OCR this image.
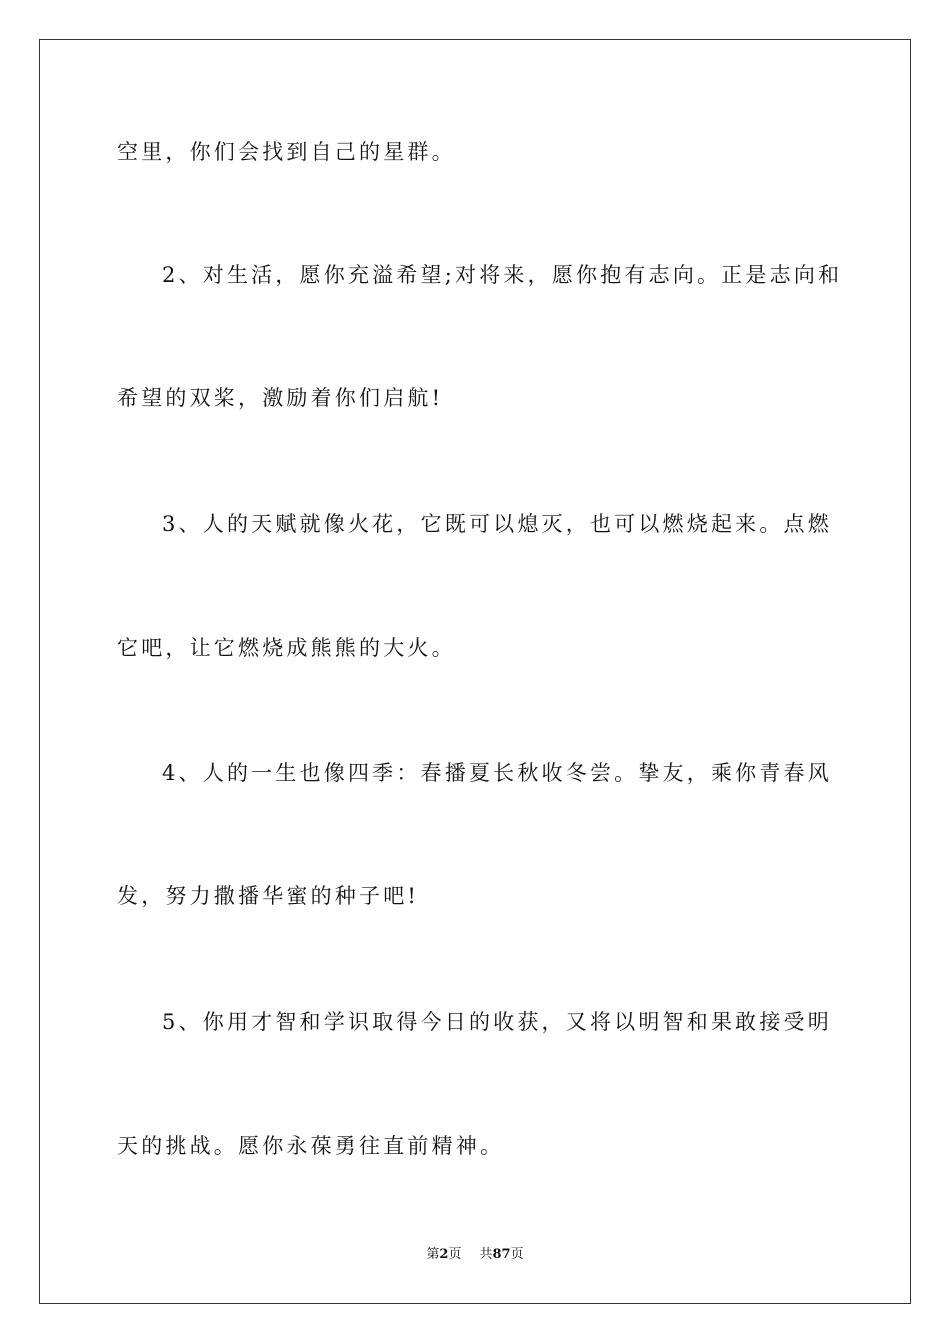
空里，你们会找到自己的星群。
2、对生活，愿你充溢希望;对将来，愿你抱有志向。正是志向和
希望的双桨，激励着你们启航!
3、人的天赋就像火花，它既可以熄灭，也可以燃烧起来。点燃
它吧，让它燃烧成熊熊的大火。
4、人的一生也像四季：春播夏长秋收冬尝。挚友，乘你青春风
发，努力撒播华蜜的种子吧!
5、你用才智和学识取得今日的收获，又将以明智和果敢接受明
天的挑战。愿你永葆勇往直前精神。
第2页 共87页
